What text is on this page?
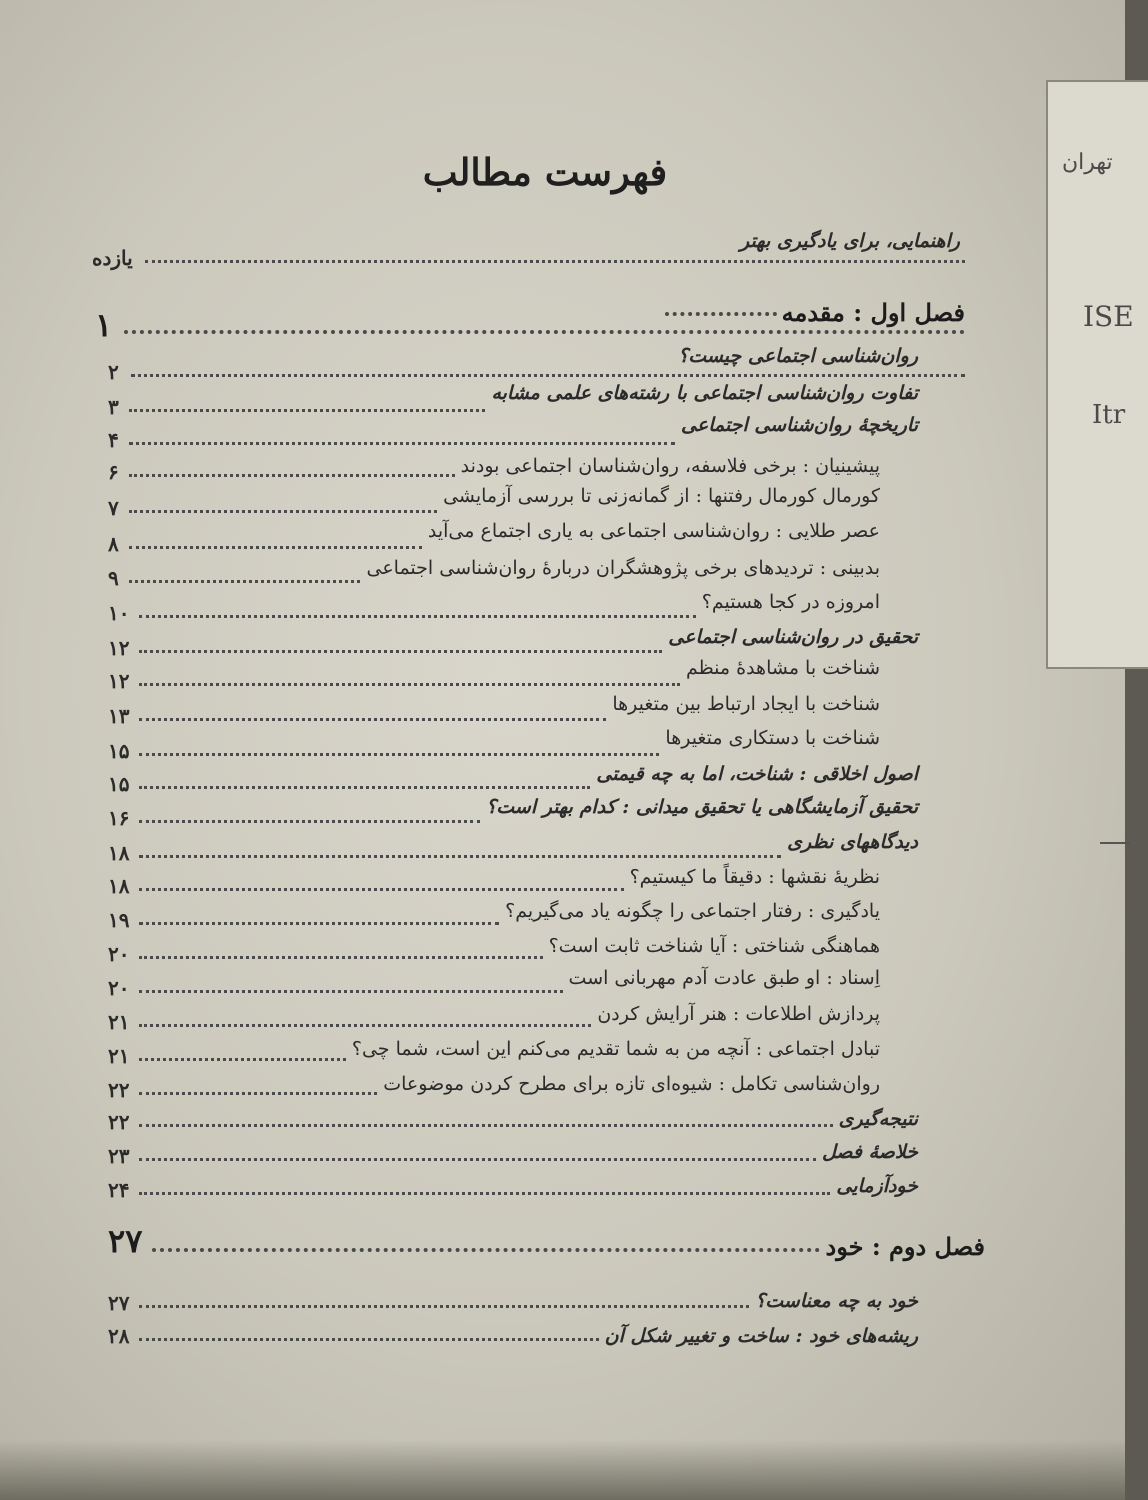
تهران
ISE
Itr
فهرست مطالب
راهنمایی، برای یادگیری بهتر
یازده
فصل اول : مقدمه
۱
روان‌شناسی اجتماعی چیست؟
۲
تفاوت روان‌شناسی اجتماعی با رشته‌های علمی مشابه
۳
تاریخچهٔ روان‌شناسی اجتماعی
۴
پیشینیان : برخی فلاسفه، روان‌شناسان اجتماعی بودند
۶
کورمال کورمال رفتنها : از گمانه‌زنی تا بررسی آزمایشی
۷
عصر طلایی : روان‌شناسی اجتماعی به یاری اجتماع می‌آید
۸
بدبینی : تردیدهای برخی پژوهشگران دربارهٔ روان‌شناسی اجتماعی
۹
امروزه در کجا هستیم؟
۱۰
تحقیق در روان‌شناسی اجتماعی
۱۲
شناخت با مشاهدهٔ منظم
۱۲
شناخت با ایجاد ارتباط بین متغیرها
۱۳
شناخت با دستکاری متغیرها
۱۵
اصول اخلاقی : شناخت، اما به چه قیمتی
۱۵
تحقیق آزمایشگاهی یا تحقیق میدانی : کدام بهتر است؟
۱۶
دیدگاههای نظری
۱۸
نظریهٔ نقشها : دقیقاً ما کیستیم؟
۱۸
یادگیری : رفتار اجتماعی را چگونه یاد می‌گیریم؟
۱۹
هماهنگی شناختی : آیا شناخت ثابت است؟
۲۰
اِسناد : او طبق عادت آدم مهربانی است
۲۰
پردازش اطلاعات : هنر آرایش کردن
۲۱
تبادل اجتماعی : آنچه من به شما تقدیم می‌کنم این است، شما چی؟
۲۱
روان‌شناسی تکامل : شیوه‌ای تازه برای مطرح کردن موضوعات
۲۲
نتیجه‌گیری
۲۲
خلاصهٔ فصل
۲۳
خودآزمایی
۲۴
فصل دوم : خود
۲۷
خود به چه معناست؟
۲۷
ریشه‌های خود : ساخت و تغییر شکل آن
۲۸
